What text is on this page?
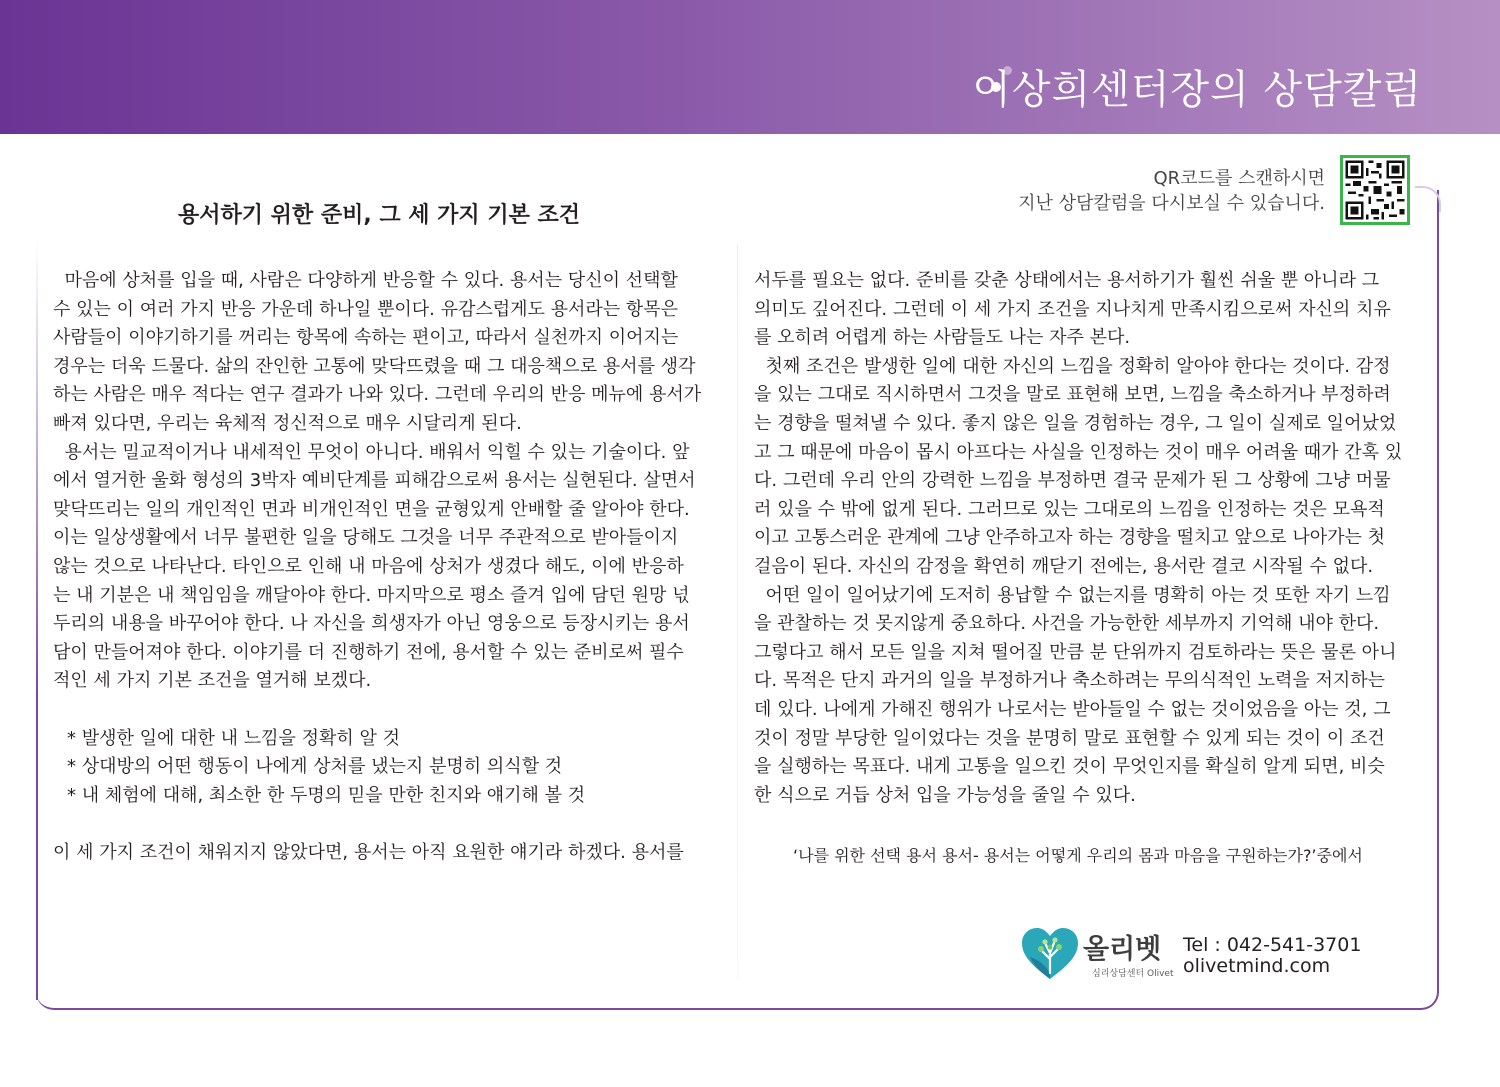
이상희센터장의 상담칼럼
용서하기 위한 준비, 그 세 가지 기본 조건
QR코드를 스캔하시면
지난 상담칼럼을 다시보실 수 있습니다.

마음에 상처를 입을 때, 사람은 다양하게 반응할 수 있다. 용서는 당신이 선택할

수 있는 이 여러 가지 반응 가운데 하나일 뿐이다. 유감스럽게도 용서라는 항목은

사람들이 이야기하기를 꺼리는 항목에 속하는 편이고, 따라서 실천까지 이어지는

경우는 더욱 드물다. 삶의 잔인한 고통에 맞닥뜨렸을 때 그 대응책으로 용서를 생각

하는 사람은 매우 적다는 연구 결과가 나와 있다. 그런데 우리의 반응 메뉴에 용서가

빠져 있다면, 우리는 육체적 정신적으로 매우 시달리게 된다.

용서는 밀교적이거나 내세적인 무엇이 아니다. 배워서 익힐 수 있는 기술이다. 앞

에서 열거한 울화 형성의 3박자 예비단계를 피해감으로써 용서는 실현된다. 살면서

맞닥뜨리는 일의 개인적인 면과 비개인적인 면을 균형있게 안배할 줄 알아야 한다.

이는 일상생활에서 너무 불편한 일을 당해도 그것을 너무 주관적으로 받아들이지

않는 것으로 나타난다. 타인으로 인해 내 마음에 상처가 생겼다 해도, 이에 반응하

는 내 기분은 내 책임임을 깨달아야 한다. 마지막으로 평소 즐겨 입에 담던 원망 넋

두리의 내용을 바꾸어야 한다. 나 자신을 희생자가 아닌 영웅으로 등장시키는 용서

담이 만들어져야 한다. 이야기를 더 진행하기 전에, 용서할 수 있는 준비로써 필수

적인 세 가지 기본 조건을 열거해 보겠다.

* 발생한 일에 대한 내 느낌을 정확히 알 것

* 상대방의 어떤 행동이 나에게 상처를 냈는지 분명히 의식할 것

* 내 체험에 대해, 최소한 한 두명의 믿을 만한 친지와 얘기해 볼 것

이 세 가지 조건이 채워지지 않았다면, 용서는 아직 요원한 얘기라 하겠다. 용서를

서두를 필요는 없다. 준비를 갖춘 상태에서는 용서하기가 훨씬 쉬울 뿐 아니라 그

의미도 깊어진다. 그런데 이 세 가지 조건을 지나치게 만족시킴으로써 자신의 치유

를 오히려 어렵게 하는 사람들도 나는 자주 본다.

첫째 조건은 발생한 일에 대한 자신의 느낌을 정확히 알아야 한다는 것이다. 감정

을 있는 그대로 직시하면서 그것을 말로 표현해 보면, 느낌을 축소하거나 부정하려

는 경향을 떨쳐낼 수 있다. 좋지 않은 일을 경험하는 경우, 그 일이 실제로 일어났었

고 그 때문에 마음이 몹시 아프다는 사실을 인정하는 것이 매우 어려울 때가 간혹 있

다. 그런데 우리 안의 강력한 느낌을 부정하면 결국 문제가 된 그 상황에 그냥 머물

러 있을 수 밖에 없게 된다. 그러므로 있는 그대로의 느낌을 인정하는 것은 모욕적

이고 고통스러운 관계에 그냥 안주하고자 하는 경향을 떨치고 앞으로 나아가는 첫

걸음이 된다. 자신의 감정을 확연히 깨닫기 전에는, 용서란 결코 시작될 수 없다.

어떤 일이 일어났기에 도저히 용납할 수 없는지를 명확히 아는 것 또한 자기 느낌

을 관찰하는 것 못지않게 중요하다. 사건을 가능한한 세부까지 기억해 내야 한다.

그렇다고 해서 모든 일을 지쳐 떨어질 만큼 분 단위까지 검토하라는 뜻은 물론 아니

다. 목적은 단지 과거의 일을 부정하거나 축소하려는 무의식적인 노력을 저지하는

데 있다. 나에게 가해진 행위가 나로서는 받아들일 수 없는 것이었음을 아는 것, 그

것이 정말 부당한 일이었다는 것을 분명히 말로 표현할 수 있게 되는 것이 이 조건

을 실행하는 목표다. 내게 고통을 일으킨 것이 무엇인지를 확실히 알게 되면, 비슷

한 식으로 거듭 상처 입을 가능성을 줄일 수 있다.

‘나를 위한 선택 용서 용서- 용서는 어떻게 우리의 몸과 마음을 구원하는가?’중에서
올리벳
심리상담센터 Olivet
Tel : 042-541-3701
olivetmind.com
